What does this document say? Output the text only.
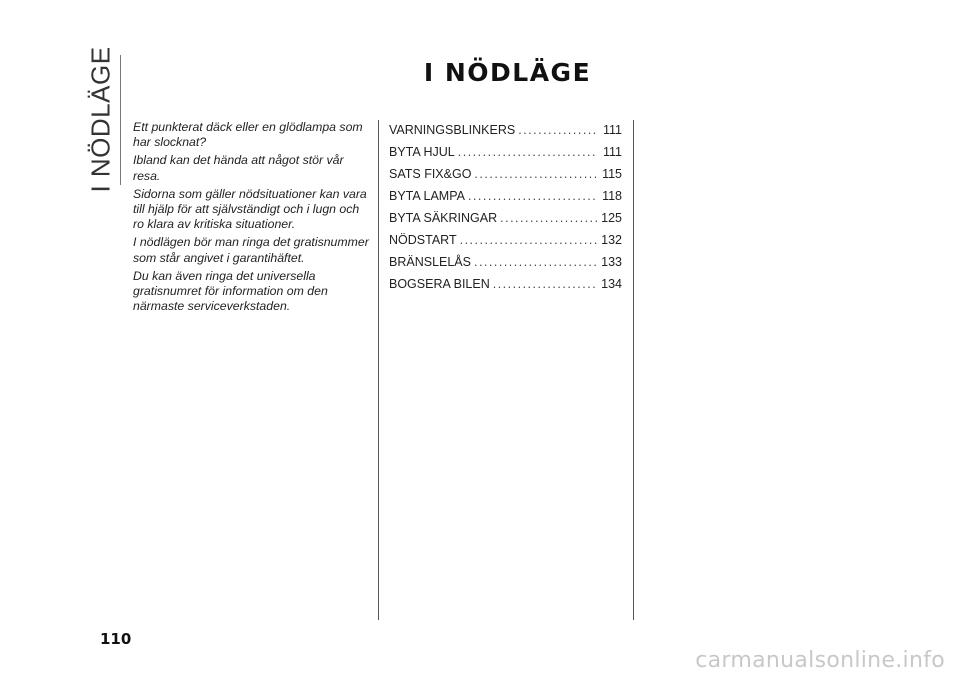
I NÖDLÄGE	I NÖDLÄGE

Ett punkterat däck eller en glödlampa som har slocknat?

Ibland kan det hända att något stör vår resa.

Sidorna som gäller nödsituationer kan vara till hjälp för att självständigt och i lugn och ro klara av kritiska situationer.

I nödlägen bör man ringa det gratisnummer som står angivet i garantihäftet.

Du kan även ringa det universella gratisnumret för information om den närmaste serviceverkstaden.

VARNINGSBLINKERS .....	111
BYTA HJUL .....	111
SATS FIX&GO .....	115
BYTA LAMPA .....	118
BYTA SÄKRINGAR .....	125
NÖDSTART .....	132
BRÄNSLELÅS .....	133
BOGSERA BILEN .....	134
110
carmanualsonline.info
